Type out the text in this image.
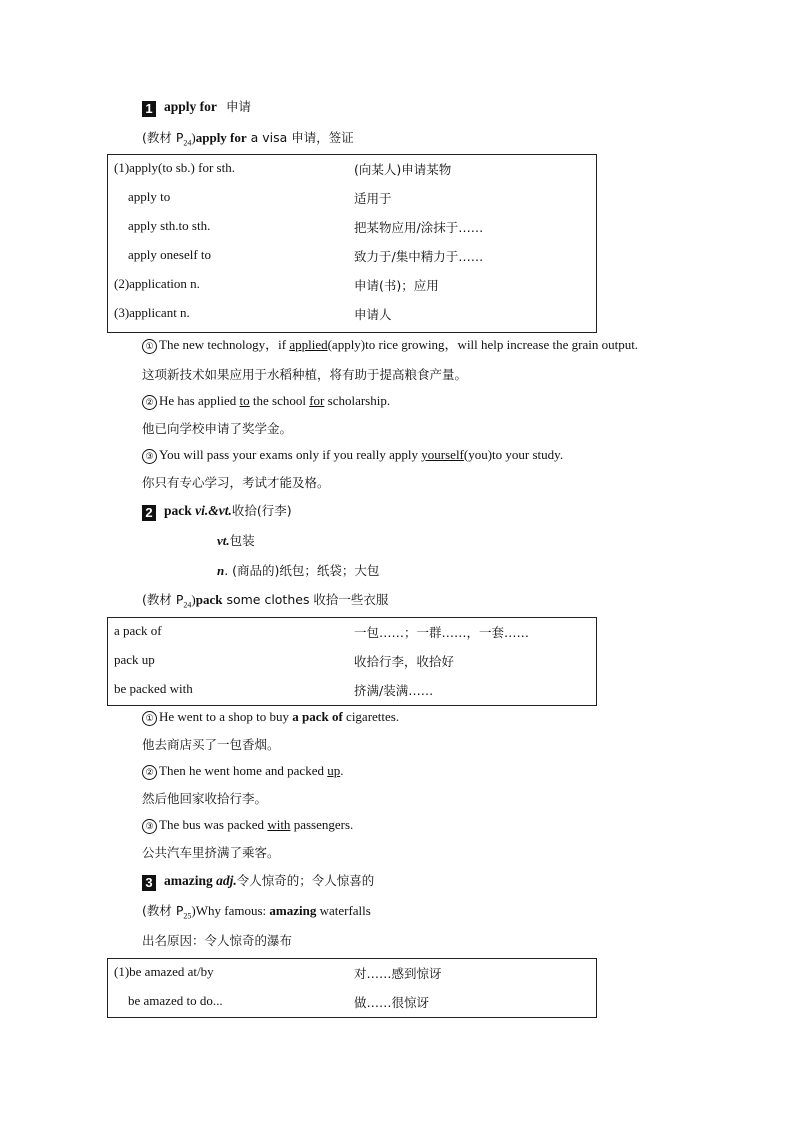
1 apply for 申请
(教材 $P_{24})apply$ for a visa 申请，签证
(1)apply(to sb.) for sth.	(向某人)申请某物
apply to	适用于
apply sth.to sth.	把某物应用/涂抹于……
apply oneself to	致力于/集中精力于……
(2)application n.	申请(书)；应用
(3)applicant n.	申请人
① The new technology，if applied(apply)to rice growing，will help increase the grain output.
这项新技术如果应用于水稻种植，将有助于提高粮食产量。
② He has applied to the school for scholarship.
他已向学校申请了奖学金。
③ You will pass your exams only if you really apply yourself(you)to your study.
你只有专心学习，考试才能及格。
2 pack vi.&vt.收拾(行李)
vt.包装
n. (商品的)纸包；纸袋；大包
(教材 $P_{24})pack$ some clothes 收拾一些衣服
a pack of	一包……；一群……，一套……
pack up	收拾行李，收拾好
be packed with	挤满/装满……
① He went to a shop to buy a pack of cigarettes.
他去商店买了一包香烟。
② Then he went home and packed up.
然后他回家收拾行李。
③ The bus was packed with passengers.
公共汽车里挤满了乘客。
3 amazing adj.令人惊奇的；令人惊喜的
(教材 $P_{25})Why$ famous: amazing waterfalls
出名原因：令人惊奇的瀑布
(1)be amazed at/by	对……感到惊讶
be amazed to do...	做……很惊讶
